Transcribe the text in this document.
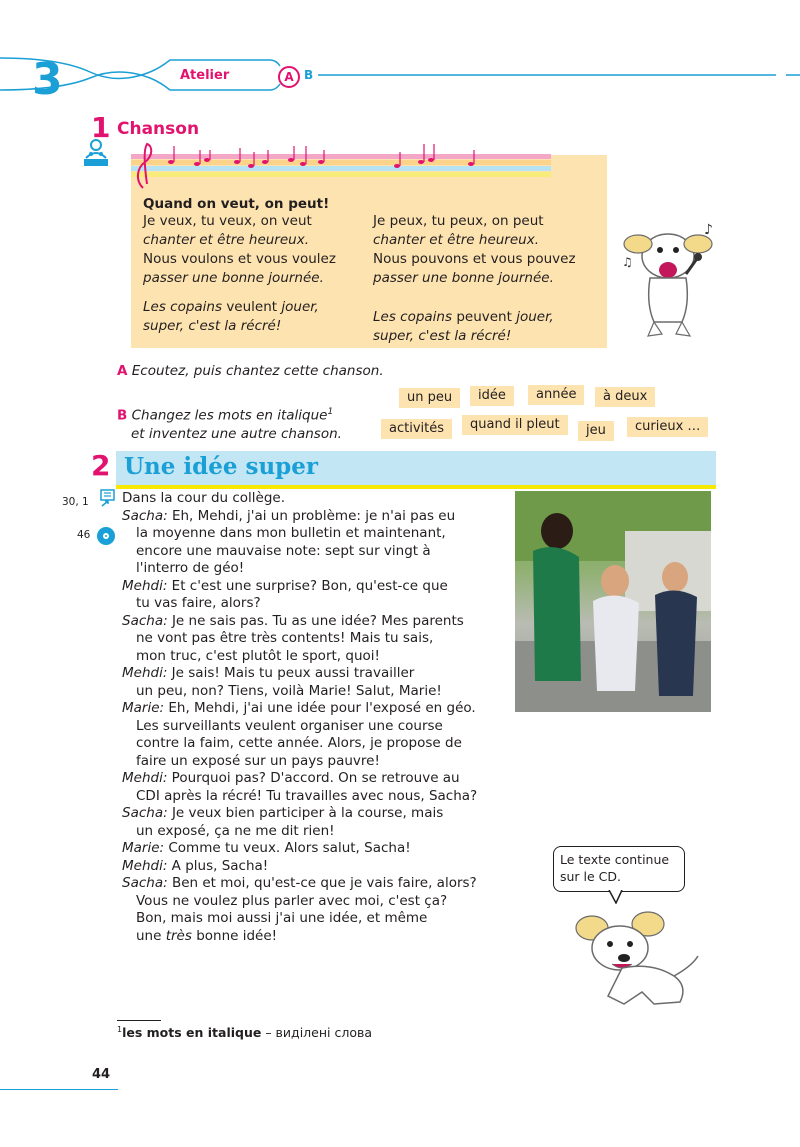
3	Atelier	A B
1 Chanson
Quand on veut, on peut!
Je veux, tu veux, on veut
chanter et être heureux.
Nous voulons et vous voulez
passer une bonne journée.
Les copains veulent jouer,
super, c'est la récré!
Je peux, tu peux, on peut
chanter et être heureux.
Nous pouvons et vous pouvez
passer une bonne journée.
Les copains peuvent jouer,
super, c'est la récré!
♪
♫
A Ecoutez, puis chantez cette chanson.
B Changez les mots en italique$^1$
et inventez une autre chanson.
un peu	idée	année	à deux
activités	quand il pleut	jeu	curieux …
2 Une idée super
30, 1
46
Dans la cour du collège.
Sacha: Eh, Mehdi, j'ai un problème: je n'ai pas eu
la moyenne dans mon bulletin et maintenant,
encore une mauvaise note: sept sur vingt à
l'interro de géo!
Mehdi: Et c'est une surprise? Bon, qu'est-ce que
tu vas faire, alors?
Sacha: Je ne sais pas. Tu as une idée? Mes parents
ne vont pas être très contents! Mais tu sais,
mon truc, c'est plutôt le sport, quoi!
Mehdi: Je sais! Mais tu peux aussi travailler
un peu, non? Tiens, voilà Marie! Salut, Marie!
Marie: Eh, Mehdi, j'ai une idée pour l'exposé en géo.
Les surveillants veulent organiser une course
contre la faim, cette année. Alors, je propose de
faire un exposé sur un pays pauvre!
Mehdi: Pourquoi pas? D'accord. On se retrouve au
CDI après la récré! Tu travailles avec nous, Sacha?
Sacha: Je veux bien participer à la course, mais
un exposé, ça ne me dit rien!
Marie: Comme tu veux. Alors salut, Sacha!
Mehdi: A plus, Sacha!
Sacha: Ben et moi, qu'est-ce que je vais faire, alors?
Vous ne voulez plus parler avec moi, c'est ça?
Bon, mais moi aussi j'ai une idée, et même
une très bonne idée!
Le texte continue
sur le CD.
$^1$les mots en italique – виділені слова
44
